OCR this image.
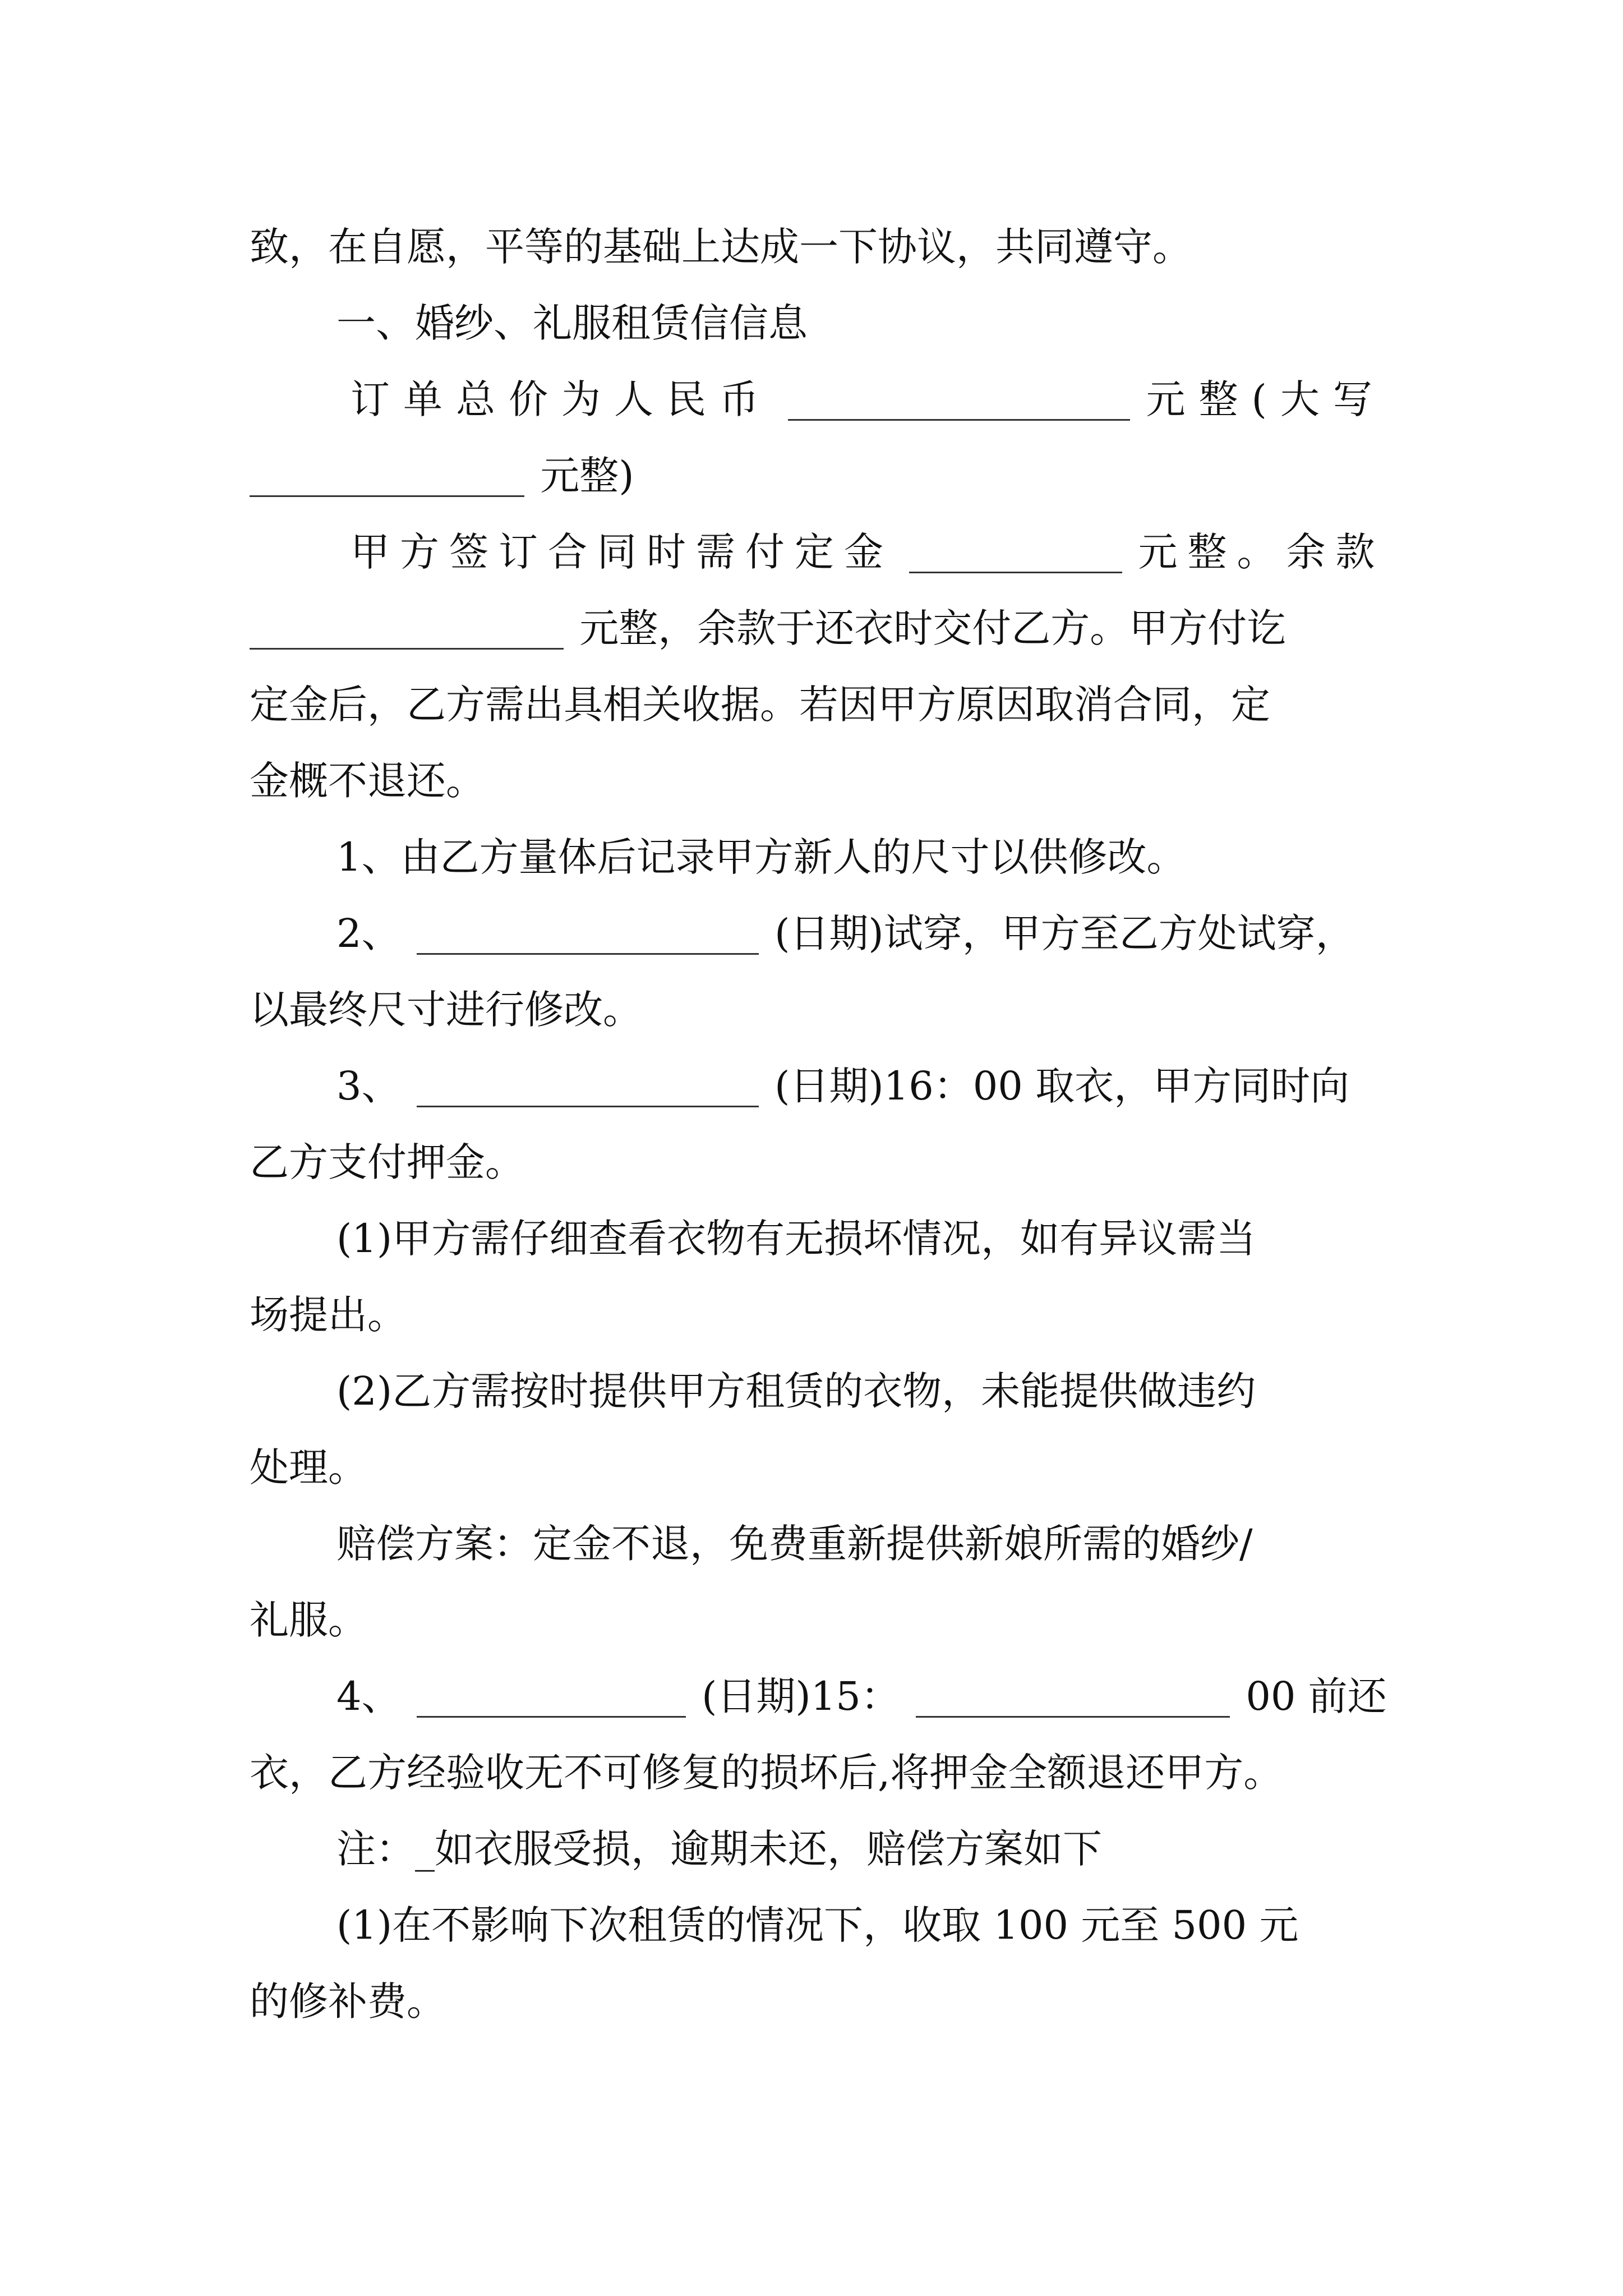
致，在自愿，平等的基础上达成一下协议，共同遵守。
一、婚纱、礼服租赁信信息
订单总价为人民币	元整(大写
元整)
甲方签订合同时需付定金	元整。余款
元整，余款于还衣时交付乙方。甲方付讫
定金后，乙方需出具相关收据。若因甲方原因取消合同，定
金概不退还。
1、由乙方量体后记录甲方新人的尺寸以供修改。
2、	(日期)试穿，甲方至乙方处试穿，
以最终尺寸进行修改。
3、	(日期)16：00 取衣，甲方同时向
乙方支付押金。
(1)甲方需仔细查看衣物有无损坏情况，如有异议需当
场提出。
(2)乙方需按时提供甲方租赁的衣物，未能提供做违约
处理。
赔偿方案：定金不退，免费重新提供新娘所需的婚纱/
礼服。
4、	(日期)15：	00 前还
衣，乙方经验收无不可修复的损坏后,将押金全额退还甲方。
注：_如衣服受损，逾期未还，赔偿方案如下
(1)在不影响下次租赁的情况下，收取 100 元至 500 元
的修补费。
